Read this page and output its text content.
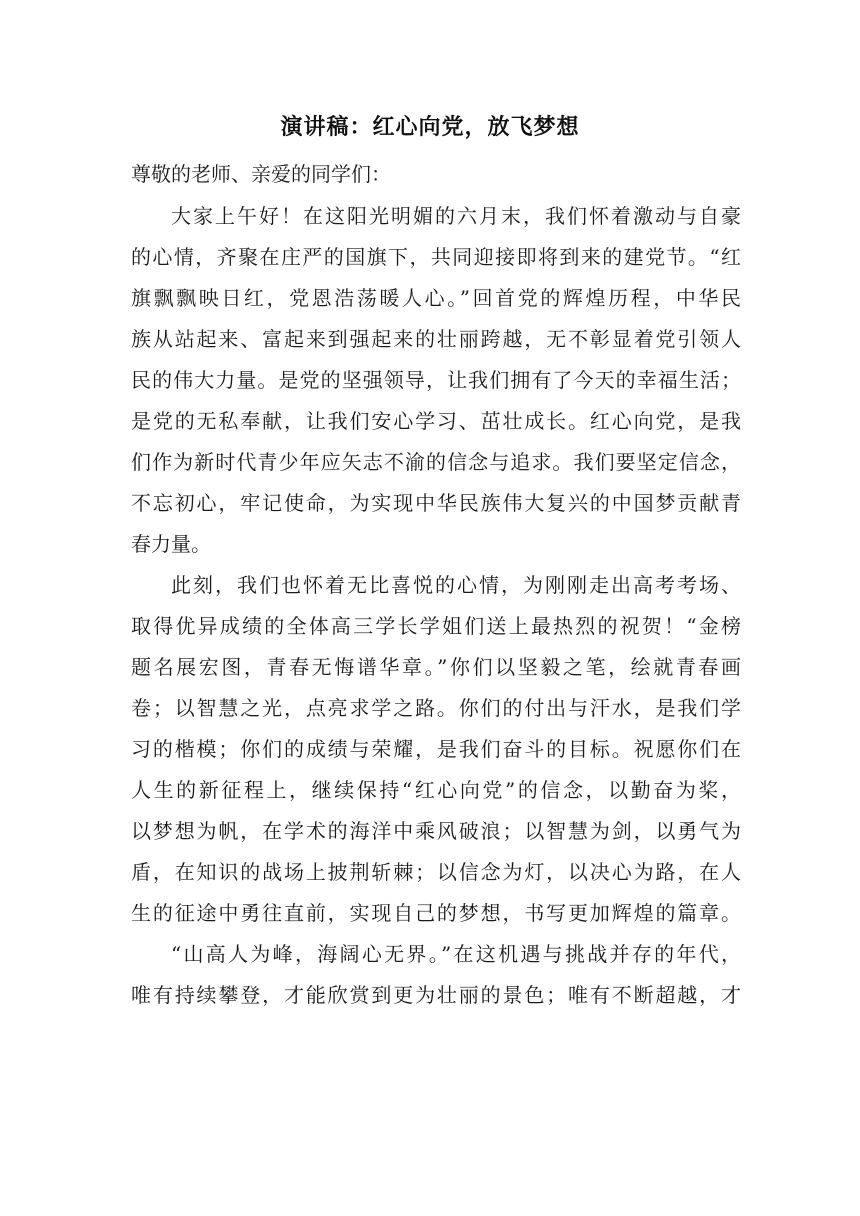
演讲稿：红心向党，放飞梦想
尊敬的老师、亲爱的同学们：
大家上午好！在这阳光明媚的六月末，我们怀着激动与自豪
的心情，齐聚在庄严的国旗下，共同迎接即将到来的建党节。“红
旗飘飘映日红，党恩浩荡暖人心。”回首党的辉煌历程，中华民
族从站起来、富起来到强起来的壮丽跨越，无不彰显着党引领人
民的伟大力量。是党的坚强领导，让我们拥有了今天的幸福生活；
是党的无私奉献，让我们安心学习、茁壮成长。红心向党，是我
们作为新时代青少年应矢志不渝的信念与追求。我们要坚定信念，
不忘初心，牢记使命，为实现中华民族伟大复兴的中国梦贡献青
春力量。
此刻，我们也怀着无比喜悦的心情，为刚刚走出高考考场、
取得优异成绩的全体高三学长学姐们送上最热烈的祝贺！“金榜
题名展宏图，青春无悔谱华章。”你们以坚毅之笔，绘就青春画
卷；以智慧之光，点亮求学之路。你们的付出与汗水，是我们学
习的楷模；你们的成绩与荣耀，是我们奋斗的目标。祝愿你们在
人生的新征程上，继续保持“红心向党”的信念，以勤奋为桨，
以梦想为帆，在学术的海洋中乘风破浪；以智慧为剑，以勇气为
盾，在知识的战场上披荆斩棘；以信念为灯，以决心为路，在人
生的征途中勇往直前，实现自己的梦想，书写更加辉煌的篇章。
“山高人为峰，海阔心无界。”在这机遇与挑战并存的年代，
唯有持续攀登，才能欣赏到更为壮丽的景色；唯有不断超越，才
